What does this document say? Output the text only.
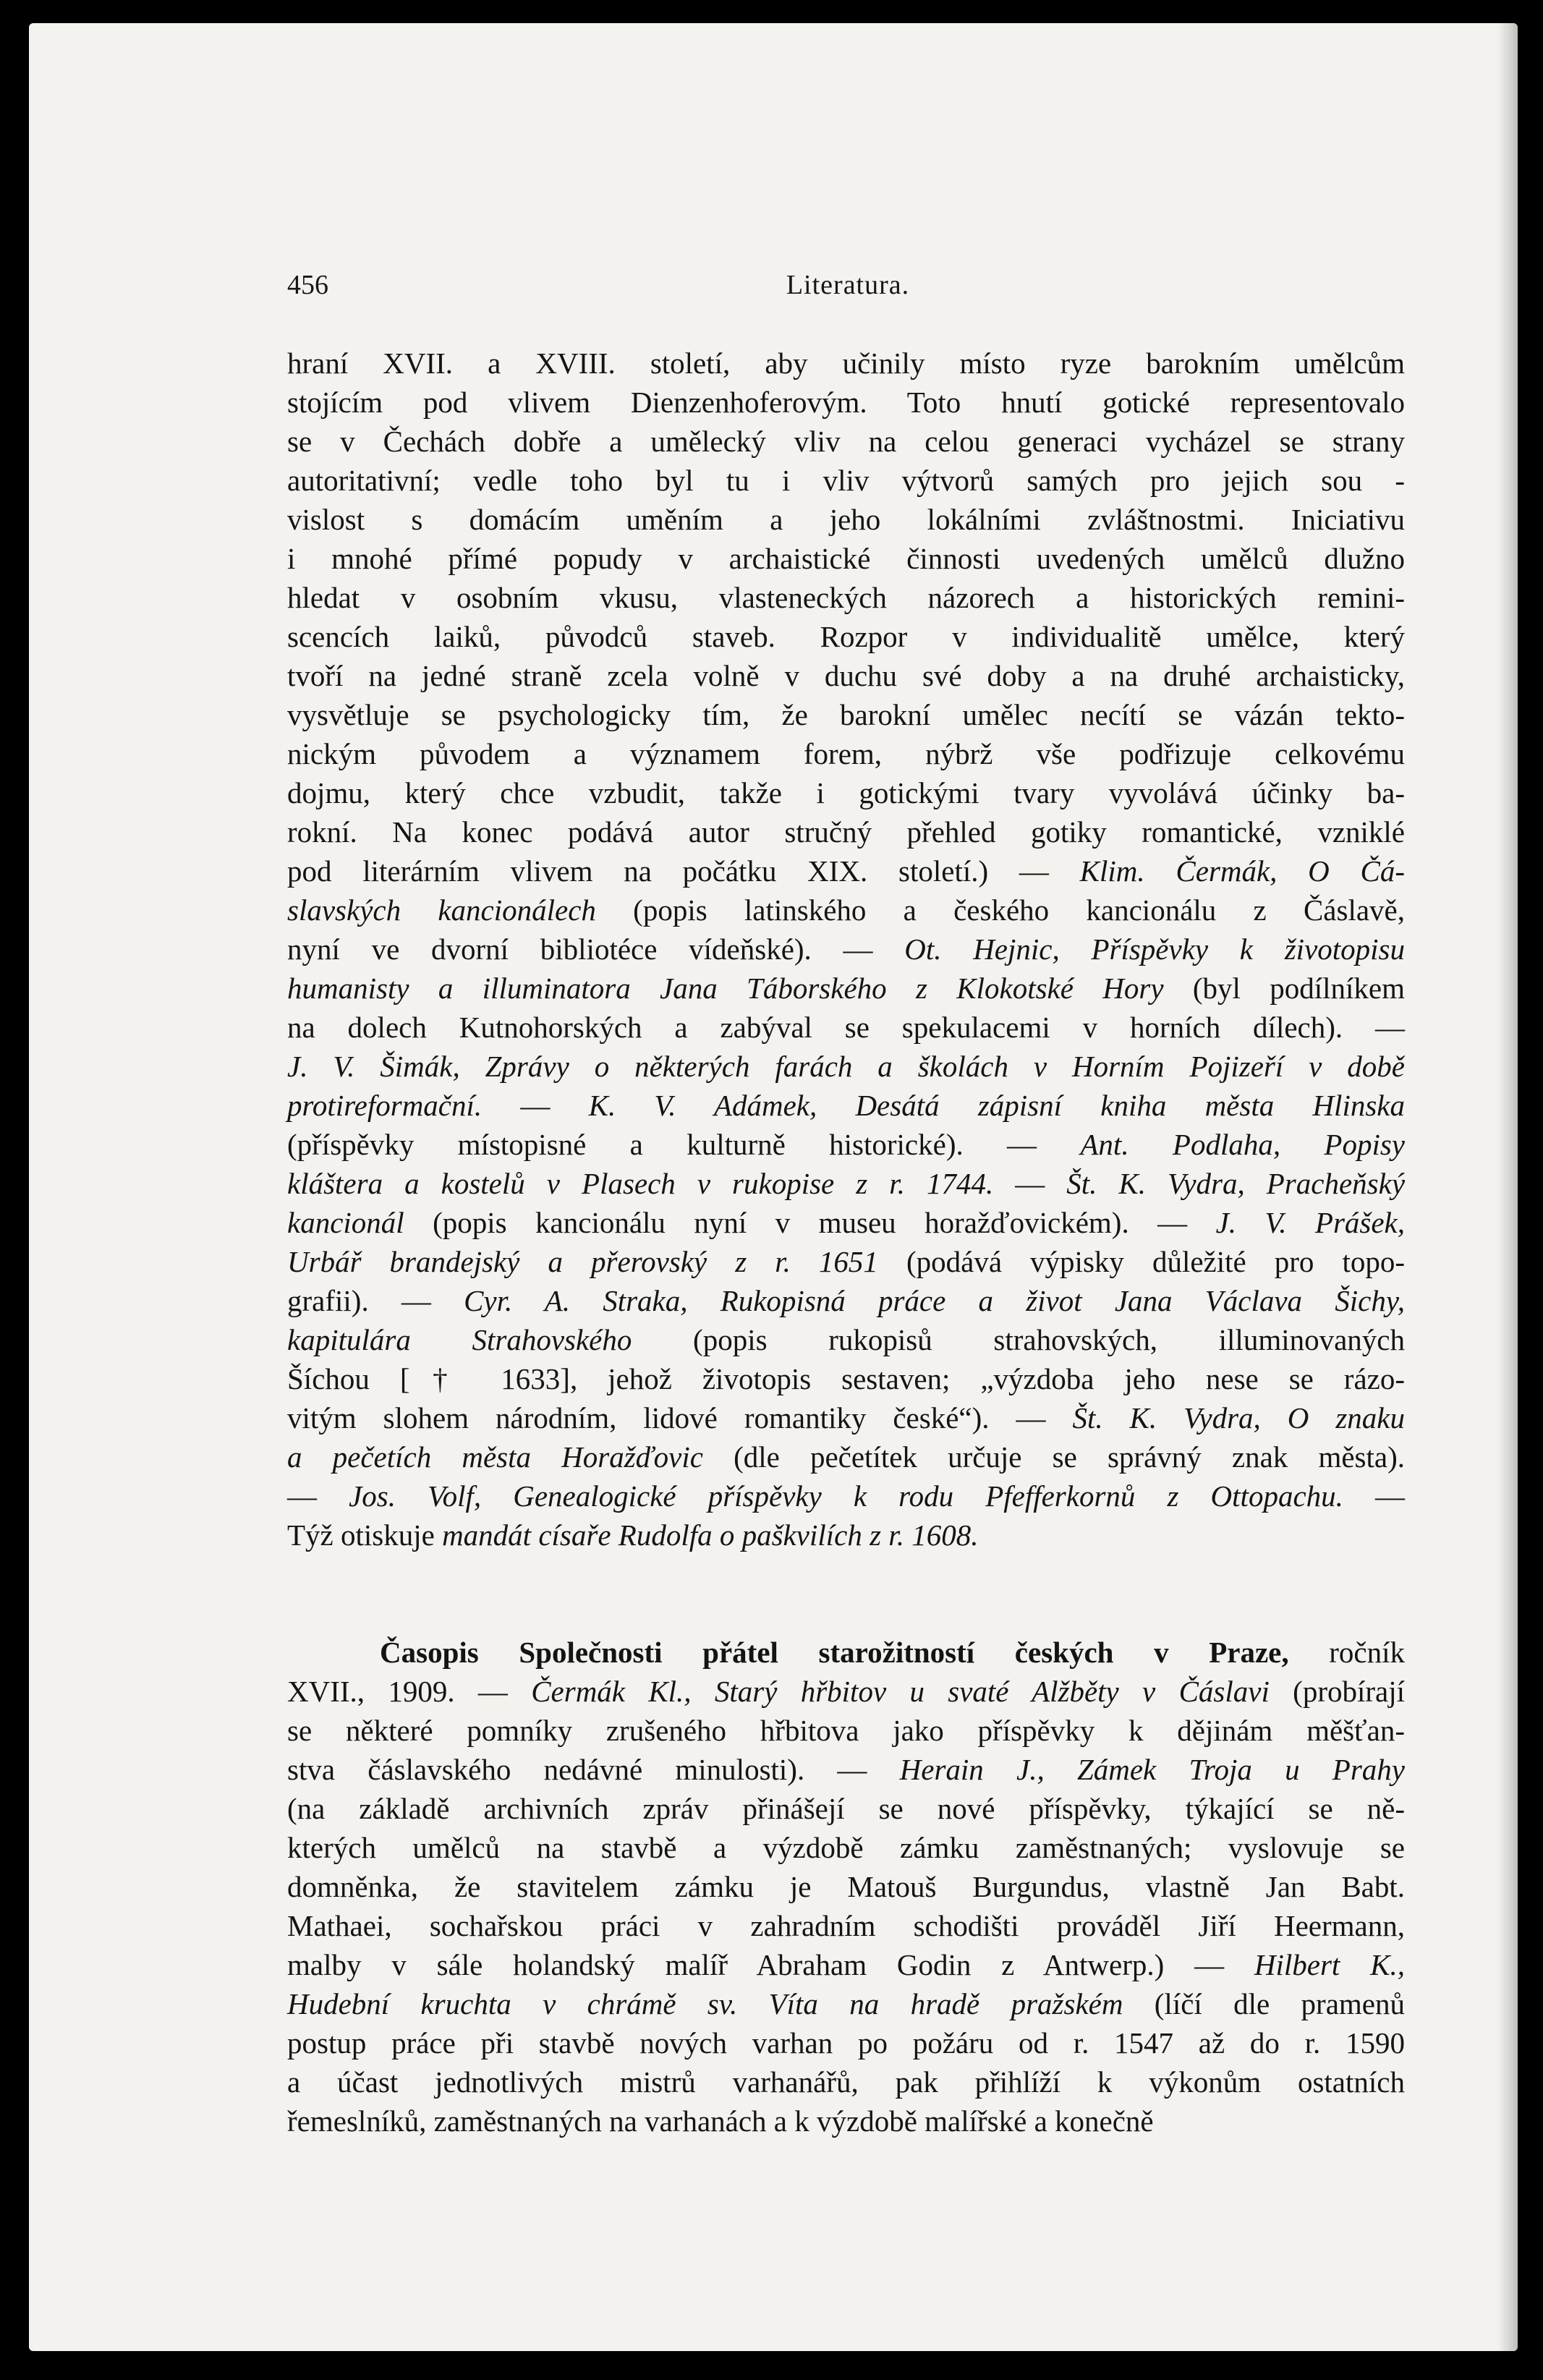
456	Literatura.
hraní XVII. a XVIII. století, aby učinily místo ryze barokním umělcům
stojícím pod vlivem Dienzenhoferovým. Toto hnutí gotické representovalo
se v Čechách dobře a umělecký vliv na celou generaci vycházel se strany
autoritativní; vedle toho byl tu i vliv výtvorů samých pro jejich sou -
vislost s domácím uměním a jeho lokálními zvláštnostmi. Iniciativu
i mnohé přímé popudy v archaistické činnosti uvedených umělců dlužno
hledat v osobním vkusu, vlasteneckých názorech a historických remini-
scencích laiků, původců staveb. Rozpor v individualitě umělce, který
tvoří na jedné straně zcela volně v duchu své doby a na druhé archaisticky,
vysvětluje se psychologicky tím, že barokní umělec necítí se vázán tekto-
nickým původem a významem forem, nýbrž vše podřizuje celkovému
dojmu, který chce vzbudit, takže i gotickými tvary vyvolává účinky ba-
rokní. Na konec podává autor stručný přehled gotiky romantické, vzniklé
pod literárním vlivem na počátku XIX. století.) — Klim. Čermák, O Čá-
slavských kancionálech (popis latinského a českého kancionálu z Čáslavě,
nyní ve dvorní bibliotéce vídeňské). — Ot. Hejnic, Příspěvky k životopisu
humanisty a illuminatora Jana Táborského z Klokotské Hory (byl podílníkem
na dolech Kutnohorských a zabýval se spekulacemi v horních dílech). —
J. V. Šimák, Zprávy o některých farách a školách v Horním Pojizeří v době
protireformační. — K. V. Adámek, Desátá zápisní kniha města Hlinska
(příspěvky místopisné a kulturně historické). — Ant. Podlaha, Popisy
kláštera a kostelů v Plasech v rukopise z r. 1744. — Št. K. Vydra, Pracheňský
kancionál (popis kancionálu nyní v museu horažďovickém). — J. V. Prášek,
Urbář brandejský a přerovský z r. 1651 (podává výpisky důležité pro topo-
grafii). — Cyr. A. Straka, Rukopisná práce a život Jana Václava Šichy,
kapitulára Strahovského (popis rukopisů strahovských, illuminovaných
Šíchou [† 1633], jehož životopis sestaven; „výzdoba jeho nese se rázo-
vitým slohem národním, lidové romantiky české“). — Št. K. Vydra, O znaku
a pečetích města Horažďovic (dle pečetítek určuje se správný znak města).
— Jos. Volf, Genealogické příspěvky k rodu Pfefferkornů z Ottopachu. —
Týž otiskuje mandát císaře Rudolfa o paškvilích z r. 1608.
Časopis Společnosti přátel starožitností českých v Praze, ročník
XVII., 1909. — Čermák Kl., Starý hřbitov u svaté Alžběty v Čáslavi (probírají
se některé pomníky zrušeného hřbitova jako příspěvky k dějinám měšťan-
stva čáslavského nedávné minulosti). — Herain J., Zámek Troja u Prahy
(na základě archivních zpráv přinášejí se nové příspěvky, týkající se ně-
kterých umělců na stavbě a výzdobě zámku zaměstnaných; vyslovuje se
domněnka, že stavitelem zámku je Matouš Burgundus, vlastně Jan Babt.
Mathaei, sochařskou práci v zahradním schodišti prováděl Jiří Heermann,
malby v sále holandský malíř Abraham Godin z Antwerp.) — Hilbert K.,
Hudební kruchta v chrámě sv. Víta na hradě pražském (líčí dle pramenů
postup práce při stavbě nových varhan po požáru od r. 1547 až do r. 1590
a účast jednotlivých mistrů varhanářů, pak přihlíží k výkonům ostatních
řemeslníků, zaměstnaných na varhanách a k výzdobě malířské a konečně
